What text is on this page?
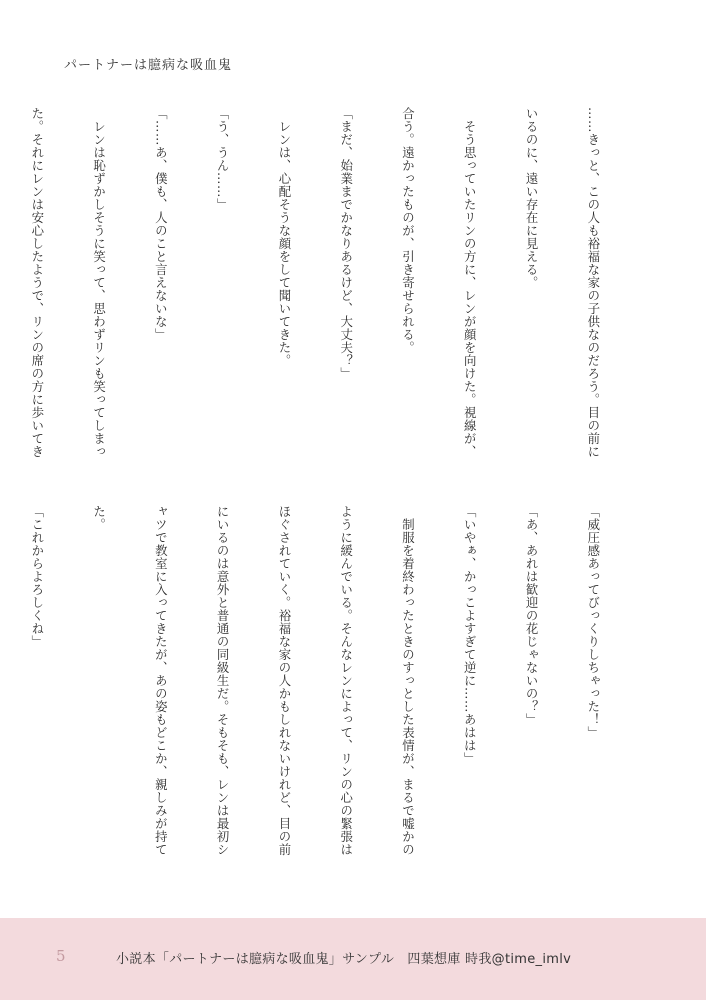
パートナーは臆病な吸血鬼

……きっと、この人も裕福な家の子供なのだろう。目の前に

いるのに、遠い存在に見える。

　そう思っていたリンの方に、レンが顔を向けた。視線が、

合う。遠かったものが、引き寄せられる。

「まだ、始業までかなりあるけど、大丈夫？」

　レンは、心配そうな顔をして聞いてきた。

「う、うん……」

「……あ、僕も、人のこと言えないな」

　レンは恥ずかしそうに笑って、思わずリンも笑ってしまっ

た。それにレンは安心したようで、リンの席の方に歩いてき

「威圧感あってびっくりしちゃった！」

「あ、あれは歓迎の花じゃないの？」

「いやぁ、かっこよすぎて逆に……あはは」

　制服を着終わったときのすっとした表情が、まるで嘘かの

ように緩んでいる。そんなレンによって、リンの心の緊張は

ほぐされていく。裕福な家の人かもしれないけれど、目の前

にいるのは意外と普通の同級生だ。そもそも、レンは最初シ

ャツで教室に入ってきたが、あの姿もどこか、親しみが持て

た。

「これからよろしくね」

5	小説本「パートナーは臆病な吸血鬼」サンプル　四葉想庫 時我@time_imlv
